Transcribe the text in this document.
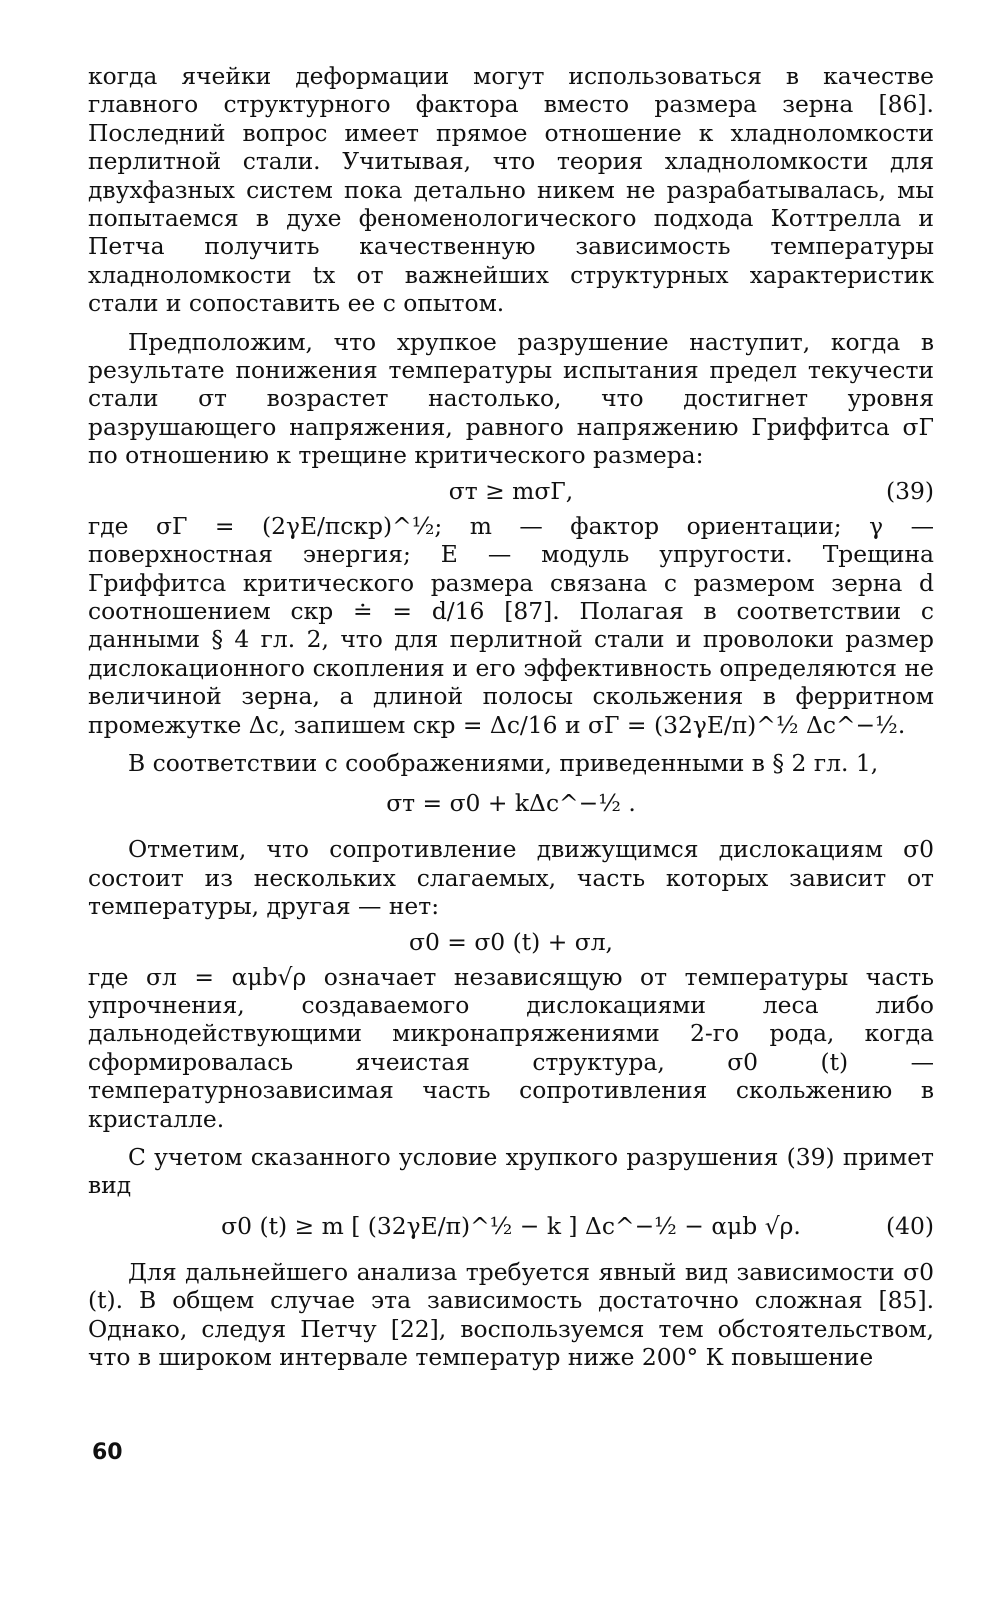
когда ячейки деформации могут использоваться в качестве главного структурного фактора вместо размера зерна [86]. Последний вопрос имеет прямое отношение к хладноломкости перлитной стали. Учитывая, что теория хладноломкости для двухфазных систем пока детально никем не разрабатывалась, мы попытаемся в духе феноменологического подхода Коттрелла и Петча получить качественную зависимость температуры хладноломкости tх от важнейших структурных характеристик стали и сопоставить ее с опытом.

Предположим, что хрупкое разрушение наступит, когда в результате понижения температуры испытания предел текучести стали σт возрастет настолько, что достигнет уровня разрушающего напряжения, равного напряжению Гриффитса σГ по отношению к трещине критического размера:

σт ≥ mσГ,	(39)

где σГ = (2γE/πcкр)^½; m — фактор ориентации; γ — поверхностная энергия; E — модуль упругости. Трещина Гриффитса критического размера связана с размером зерна d соотношением cкр ≐ = d/16 [87]. Полагая в соответствии с данными § 4 гл. 2, что для перлитной стали и проволоки размер дислокационного скопления и его эффективность определяются не величиной зерна, а длиной полосы скольжения в ферритном промежутке Δc, запишем cкр = Δc/16 и σГ = (32γE/π)^½ Δc^−½.

В соответствии с соображениями, приведенными в § 2 гл. 1,

σт = σ0 + kΔc^−½ .

Отметим, что сопротивление движущимся дислокациям σ0 состоит из нескольких слагаемых, часть которых зависит от температуры, другая — нет:

σ0 = σ0 (t) + σл,

где σл = αμb√ρ означает независящую от температуры часть упрочнения, создаваемого дислокациями леса либо дальнодействующими микронапряжениями 2-го рода, когда сформировалась ячеистая структура, σ0 (t) — температурнозависимая часть сопротивления скольжению в кристалле.

С учетом сказанного условие хрупкого разрушения (39) примет вид

σ0 (t) ≥ m [ (32γE/π)^½ − k ] Δc^−½ − αμb √ρ.	(40)

Для дальнейшего анализа требуется явный вид зависимости σ0 (t). В общем случае эта зависимость достаточно сложная [85]. Однако, следуя Петчу [22], воспользуемся тем обстоятельством, что в широком интервале температур ниже 200° К повышение

60
